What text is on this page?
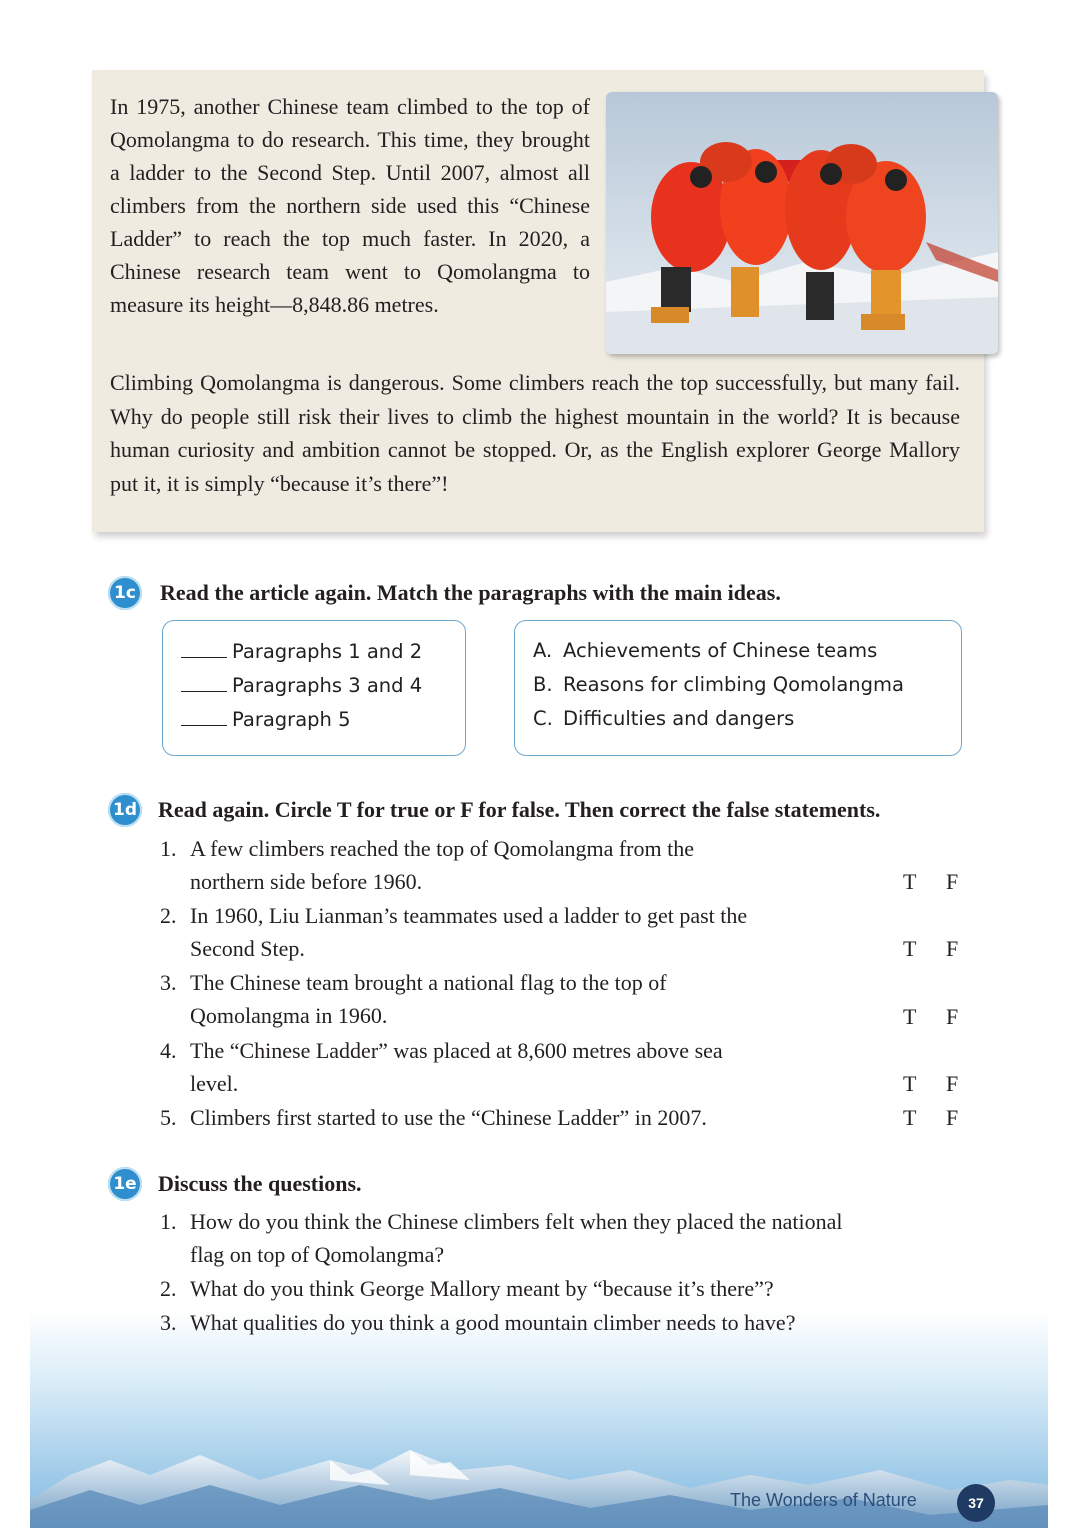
In 1975, another Chinese team climbed to the top of Qomolangma to do research. This time, they brought a ladder to the Second Step. Until 2007, almost all climbers from the northern side used this “Chinese Ladder” to reach the top much faster. In 2020, a Chinese research team went to Qomolangma to measure its height—8,848.86 metres.

Climbing Qomolangma is dangerous. Some climbers reach the top successfully, but many fail. Why do people still risk their lives to climb the highest mountain in the world? It is because human curiosity and ambition cannot be stopped. Or, as the English explorer George Mallory put it, it is simply “because it’s there”!

1c Read the article again. Match the paragraphs with the main ideas.
Paragraphs 1 and 2
Paragraphs 3 and 4
Paragraph 5
A. Achievements of Chinese teams
B. Reasons for climbing Qomolangma
C. Difficulties and dangers
1d Read again. Circle T for true or F for false. Then correct the false statements.
1. A few climbers reached the top of Qomolangma from the
northern side before 1960.
2. In 1960, Liu Lianman’s teammates used a ladder to get past the
Second Step.
3. The Chinese team brought a national flag to the top of
Qomolangma in 1960.
4. The “Chinese Ladder” was placed at 8,600 metres above sea
level.
5. Climbers first started to use the “Chinese Ladder” in 2007.
T F
T F
T F
T F
T F
1e Discuss the questions.
1. How do you think the Chinese climbers felt when they placed the national
flag on top of Qomolangma?
2. What do you think George Mallory meant by “because it’s there”?
3. What qualities do you think a good mountain climber needs to have?
The Wonders of Nature	37
